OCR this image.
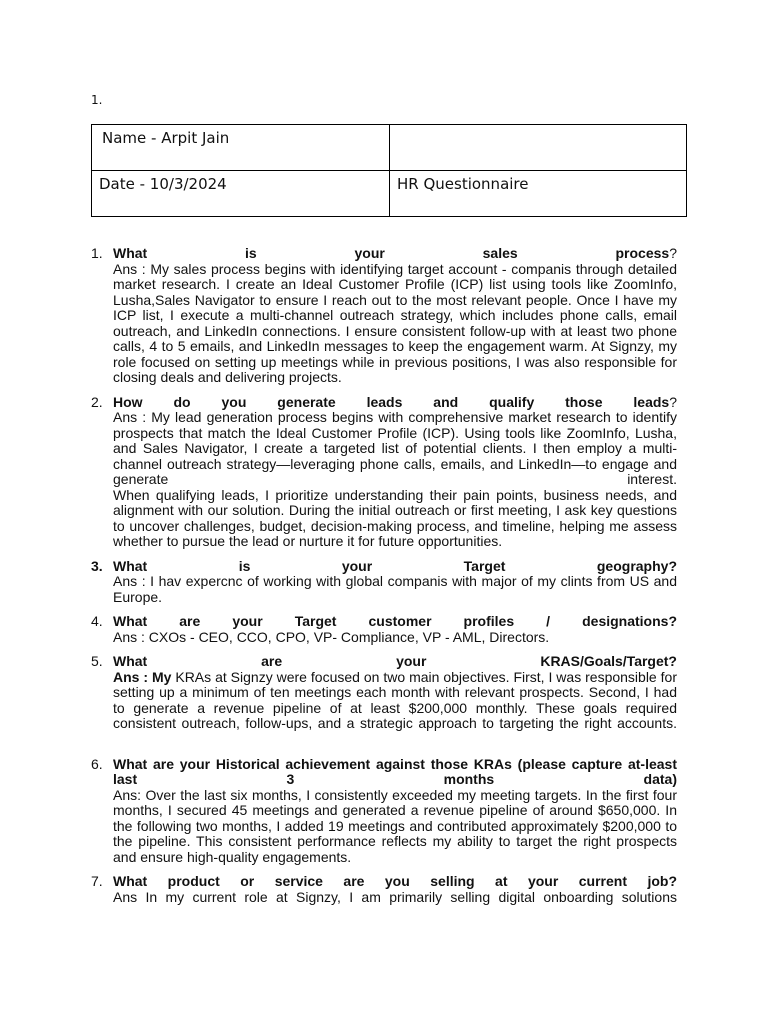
1.
Name - Arpit Jain	
Date - 10/3/2024	HR Questionnaire
1. What is your sales process?
Ans : My sales process begins with identifying target account - companis through detailed market research. I create an Ideal Customer Profile (ICP) list using tools like ZoomInfo, Lusha,Sales Navigator to ensure I reach out to the most relevant people. Once I have my ICP list, I execute a multi-channel outreach strategy, which includes phone calls, email outreach, and LinkedIn connections. I ensure consistent follow-up with at least two phone calls, 4 to 5 emails, and LinkedIn messages to keep the engagement warm. At Signzy, my role focused on setting up meetings while in previous positions, I was also responsible for closing deals and delivering projects.
2. How do you generate leads and qualify those leads?
Ans : My lead generation process begins with comprehensive market research to identify prospects that match the Ideal Customer Profile (ICP). Using tools like ZoomInfo, Lusha, and Sales Navigator, I create a targeted list of potential clients. I then employ a multi-channel outreach strategy—leveraging phone calls, emails, and LinkedIn—to engage and generate interest.
When qualifying leads, I prioritize understanding their pain points, business needs, and alignment with our solution. During the initial outreach or first meeting, I ask key questions to uncover challenges, budget, decision-making process, and timeline, helping me assess whether to pursue the lead or nurture it for future opportunities.
3. What is your Target geography?
Ans : I hav expercnc of working with global companis with major of my clints from US and Europe.
4. What are your Target customer profiles / designations?
Ans : CXOs - CEO, CCO, CPO, VP- Compliance, VP - AML, Directors.
5. What are your KRAS/Goals/Target?
Ans : My KRAs at Signzy were focused on two main objectives. First, I was responsible for setting up a minimum of ten meetings each month with relevant prospects. Second, I had to generate a revenue pipeline of at least $200,000 monthly. These goals required consistent outreach, follow-ups, and a strategic approach to targeting the right accounts.
6. What are your Historical achievement against those KRAs (please capture at-least last 3 months data)
Ans: Over the last six months, I consistently exceeded my meeting targets. In the first four months, I secured 45 meetings and generated a revenue pipeline of around $650,000. In the following two months, I added 19 meetings and contributed approximately $200,000 to the pipeline. This consistent performance reflects my ability to target the right prospects and ensure high-quality engagements.
7. What product or service are you selling at your current job?
Ans In my current role at Signzy, I am primarily selling digital onboarding solutions
